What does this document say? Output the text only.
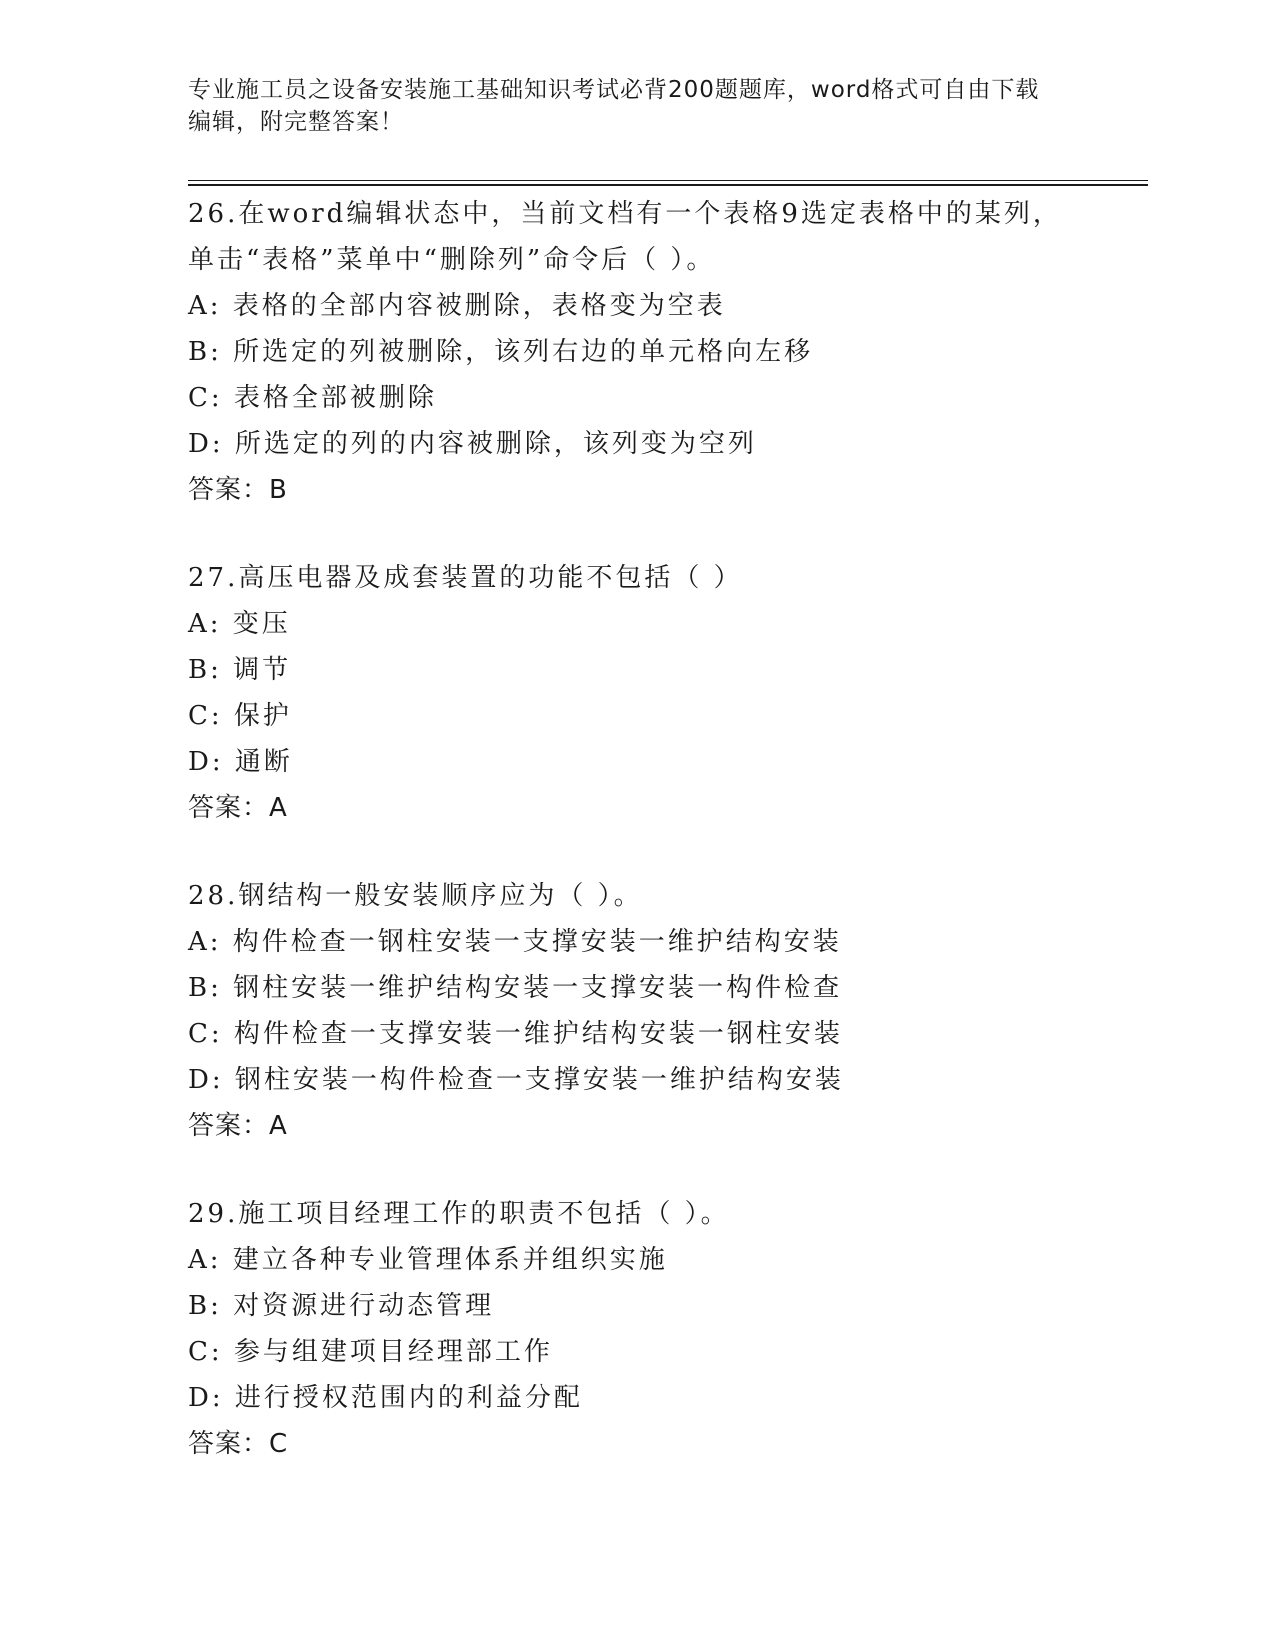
专业施工员之设备安装施工基础知识考试必背200题题库，word格式可自由下载
编辑，附完整答案！
26.在word编辑状态中，当前文档有一个表格9选定表格中的某列，
单击“表格”菜单中“删除列”命令后（ ）。
A: 表格的全部内容被删除，表格变为空表
B: 所选定的列被删除，该列右边的单元格向左移
C: 表格全部被删除
D: 所选定的列的内容被删除，该列变为空列
答案：B
27.高压电器及成套装置的功能不包括（ ）
A: 变压
B: 调节
C: 保护
D: 通断
答案：A
28.钢结构一般安装顺序应为（ ）。
A: 构件检查一钢柱安装一支撑安装一维护结构安装
B: 钢柱安装一维护结构安装一支撑安装一构件检查
C: 构件检查一支撑安装一维护结构安装一钢柱安装
D: 钢柱安装一构件检查一支撑安装一维护结构安装
答案：A
29.施工项目经理工作的职责不包括（ ）。
A: 建立各种专业管理体系并组织实施
B: 对资源进行动态管理
C: 参与组建项目经理部工作
D: 进行授权范围内的利益分配
答案：C
